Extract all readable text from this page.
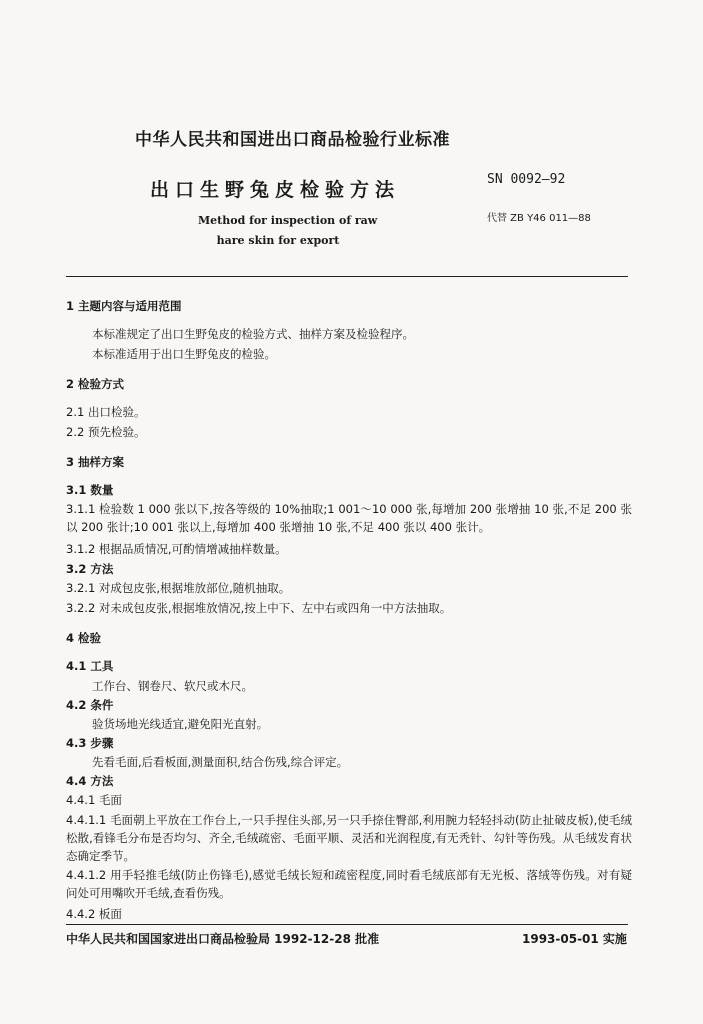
中华人民共和国进出口商品检验行业标准
出口生野兔皮检验方法	SN 0092—92
代替 ZB Y46 011—88
Method for inspection of raw
hare skin for export
1 主题内容与适用范围
本标准规定了出口生野兔皮的检验方式、抽样方案及检验程序。
本标准适用于出口生野兔皮的检验。
2 检验方式
2.1 出口检验。
2.2 预先检验。
3 抽样方案
3.1 数量
3.1.1 检验数 1 000 张以下,按各等级的 10%抽取;1 001～10 000 张,每增加 200 张增抽 10 张,不足 200 张以 200 张计;10 001 张以上,每增加 400 张增抽 10 张,不足 400 张以 400 张计。
3.1.2 根据品质情况,可酌情增减抽样数量。
3.2 方法
3.2.1 对成包皮张,根据堆放部位,随机抽取。
3.2.2 对未成包皮张,根据堆放情况,按上中下、左中右或四角一中方法抽取。
4 检验
4.1 工具
工作台、钢卷尺、软尺或木尺。
4.2 条件
验货场地光线适宜,避免阳光直射。
4.3 步骤
先看毛面,后看板面,测量面积,结合伤残,综合评定。
4.4 方法
4.4.1 毛面
4.4.1.1 毛面朝上平放在工作台上,一只手捏住头部,另一只手捺住臀部,利用腕力轻轻抖动(防止扯破皮板),使毛绒松散,看锋毛分布是否均匀、齐全,毛绒疏密、毛面平顺、灵活和光润程度,有无秃针、勾针等伤残。从毛绒发育状态确定季节。
4.4.1.2 用手轻推毛绒(防止伤锋毛),感觉毛绒长短和疏密程度,同时看毛绒底部有无光板、落绒等伤残。对有疑问处可用嘴吹开毛绒,查看伤残。
4.4.2 板面
中华人民共和国国家进出口商品检验局 1992-12-28 批准	1993-05-01 实施
